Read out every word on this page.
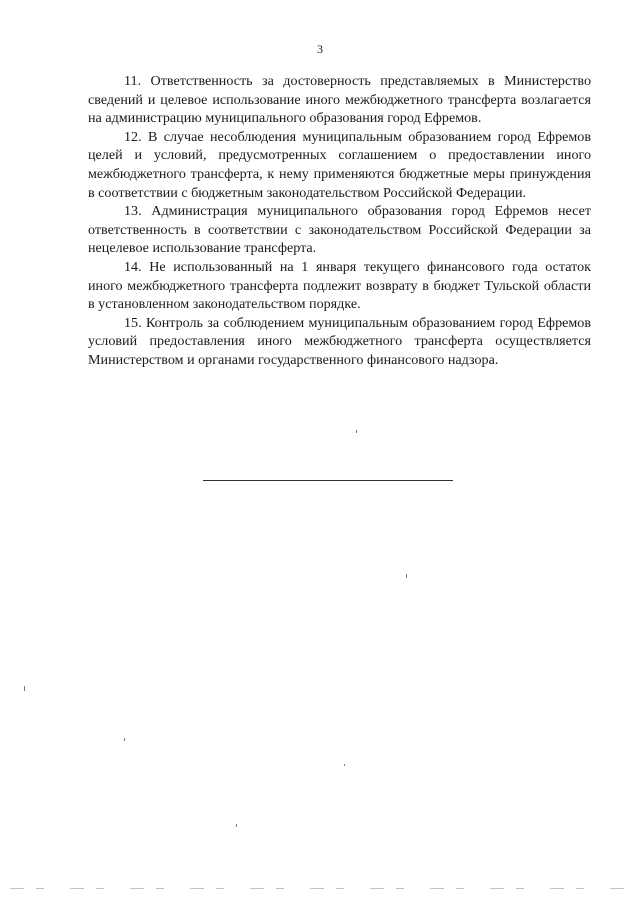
3

11. Ответственность за достоверность представляемых в Министерство сведений и целевое использование иного межбюджетного трансферта возлагается на администрацию муниципального образования город Ефремов.

12. В случае несоблюдения муниципальным образованием город Ефремов целей и условий, предусмотренных соглашением о предоставлении иного межбюджетного трансферта, к нему применяются бюджетные меры принуждения в соответствии с бюджетным законодательством Российской Федерации.

13. Администрация муниципального образования город Ефремов несет ответственность в соответствии с законодательством Российской Федерации за нецелевое использование трансферта.

14. Не использованный на 1 января текущего финансового года остаток иного межбюджетного трансферта подлежит возврату в бюджет Тульской области в установленном законодательством порядке.

15. Контроль за соблюдением муниципальным образованием город Ефремов условий предоставления иного межбюджетного трансферта осуществляется Министерством и органами государственного финансового надзора.
